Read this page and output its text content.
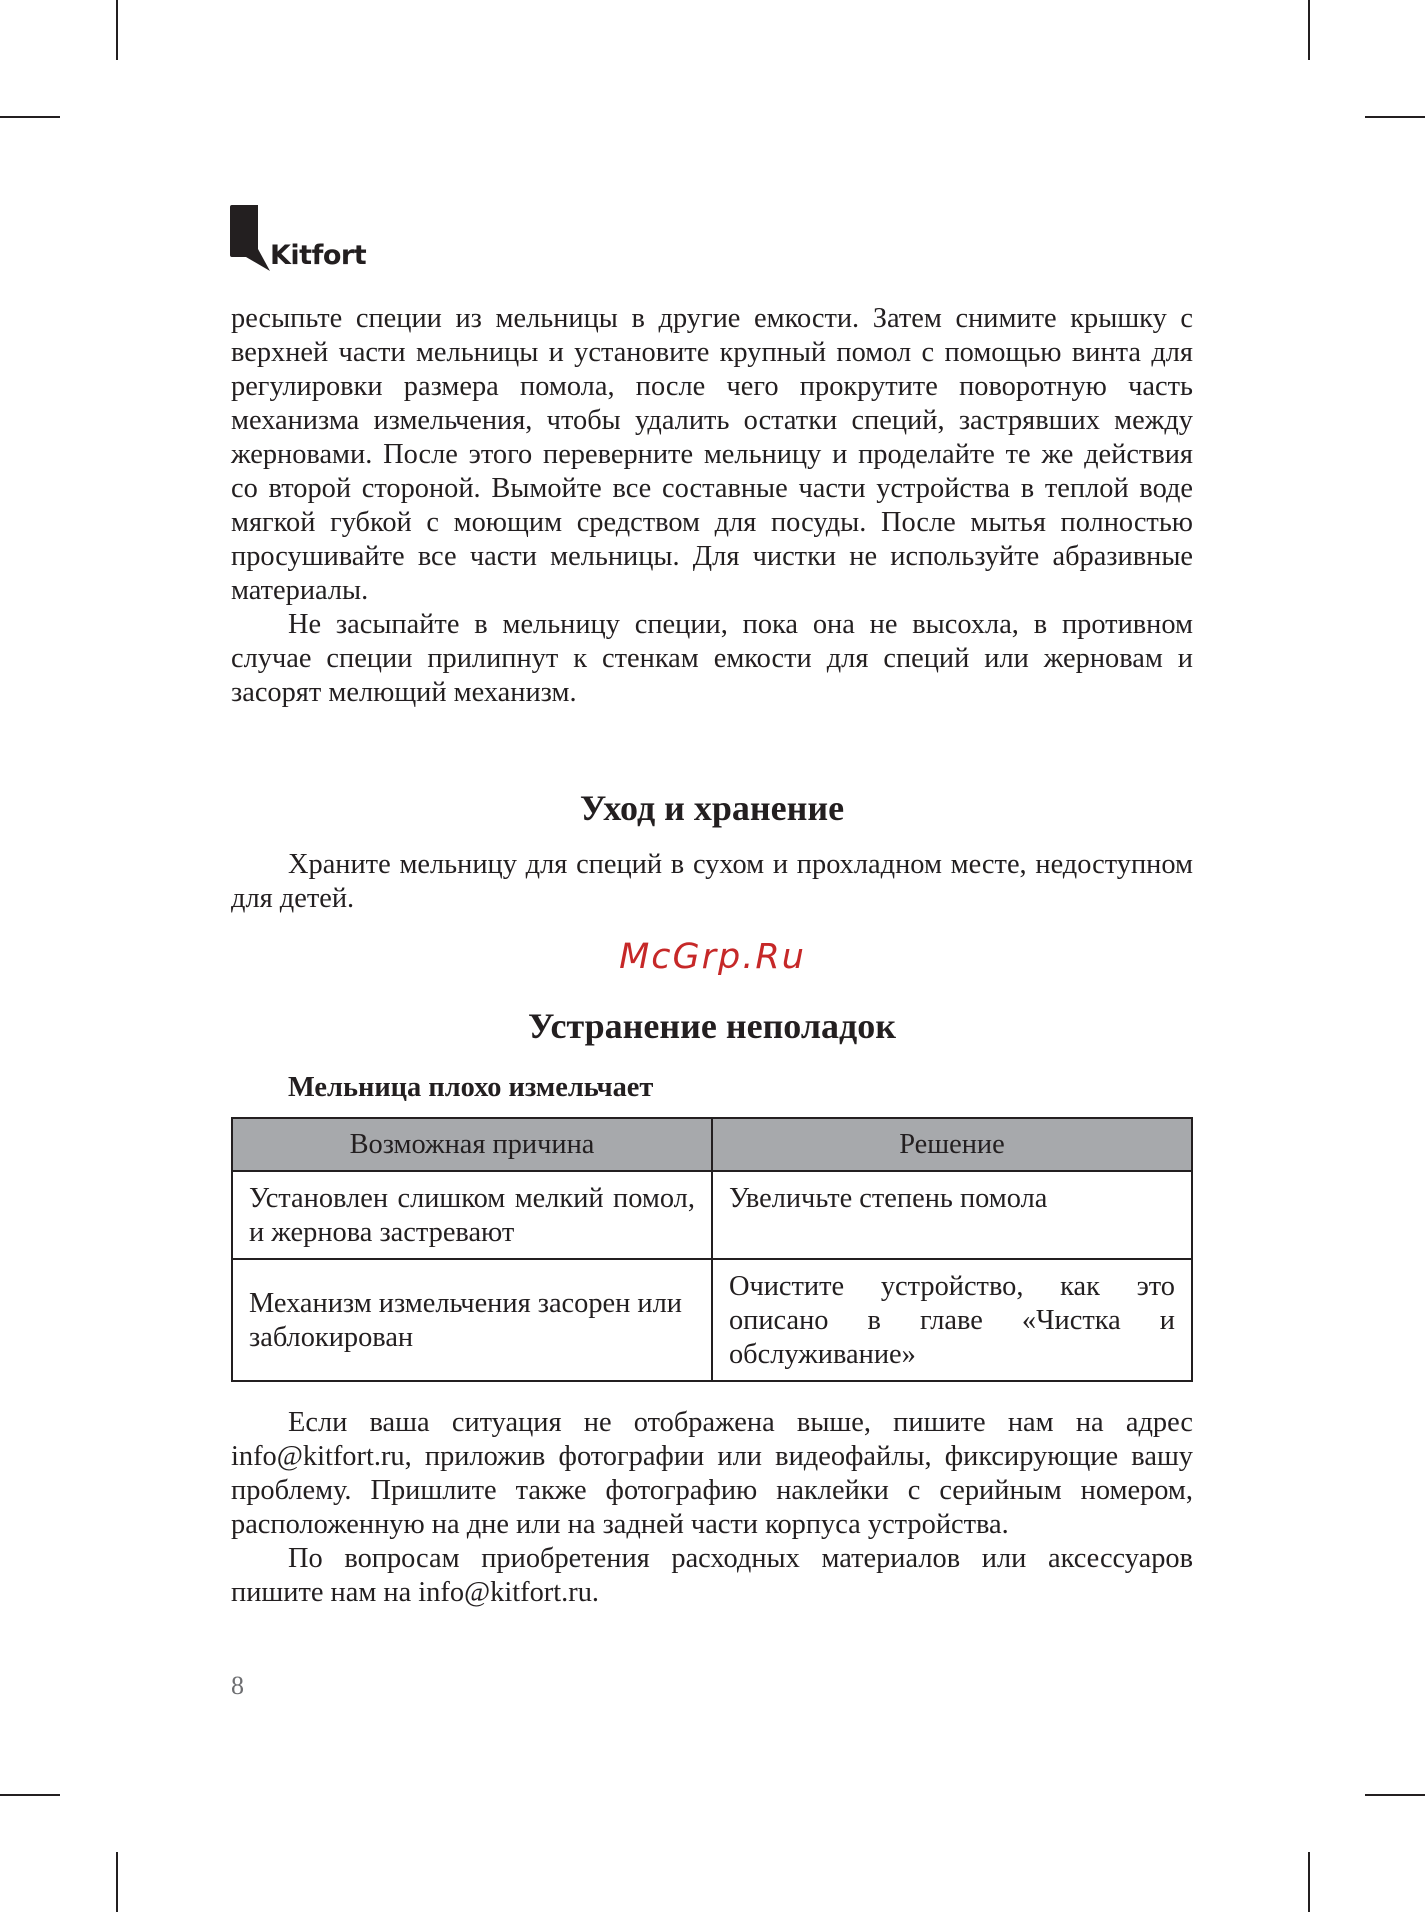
Kitfort

ресыпьте специи из мельницы в другие емкости. Затем снимите крышку с верхней части мельницы и установите крупный помол с помощью винта для регулировки размера помола, после чего прокрутите поворотную часть механизма измельчения, чтобы удалить остатки специй, застрявших между жерновами. После этого переверните мельницу и проделайте те же действия со второй стороной. Вымойте все составные части устройства в теплой воде мягкой губкой с моющим средством для посуды. После мытья полностью просушивайте все части мельницы. Для чистки не используйте абразивные материалы.

Не засыпайте в мельницу специи, пока она не высохла, в противном случае специи прилипнут к стенкам емкости для специй или жерновам и засорят мелющий механизм.

Уход и хранение

Храните мельницу для специй в сухом и прохладном месте, недоступном для детей.

Устранение неполадок

Мельница плохо измельчает

Возможная причина	Решение
Установлен слишком мелкий помол, и жернова застревают	Увеличьте степень помола
Механизм измельчения засорен или заблокирован	Очистите устройство, как это описано в главе «Чистка и обслуживание»

Если ваша ситуация не отображена выше, пишите нам на адрес info@kitfort.ru, приложив фотографии или видеофайлы, фиксирующие вашу проблему. Пришлите также фотографию наклейки с серийным номером, расположенную на дне или на задней части корпуса устройства.

По вопросам приобретения расходных материалов или аксессуаров пишите нам на info@kitfort.ru.

McGrp.Ru
8
